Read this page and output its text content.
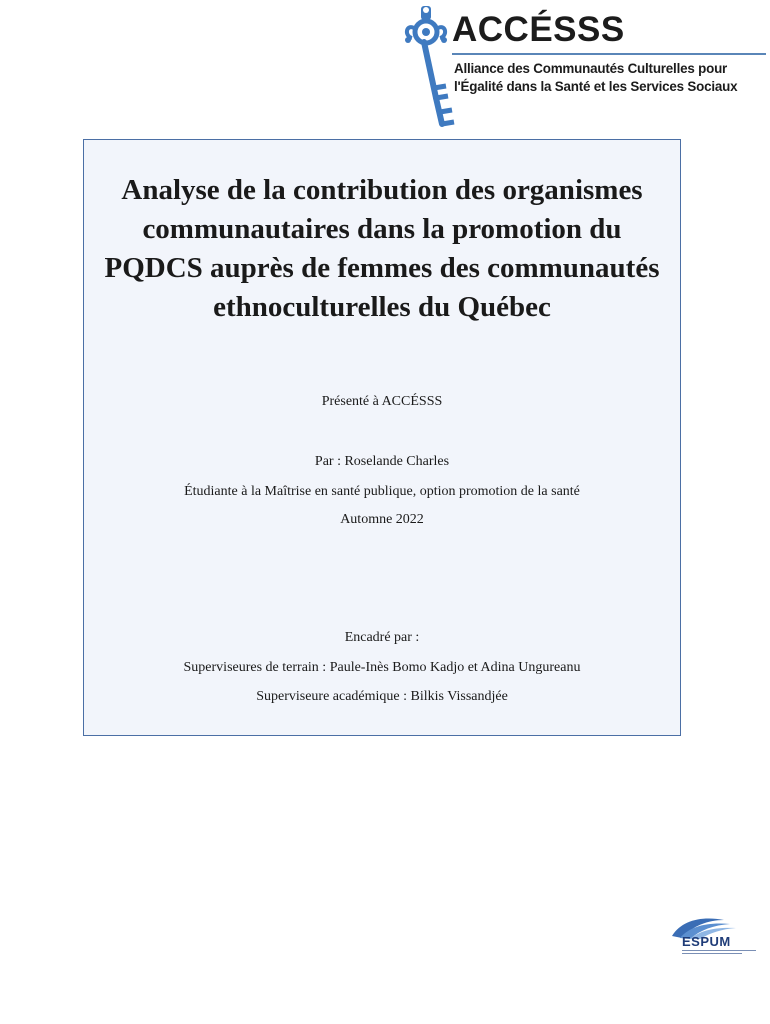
ACCÉSSS
Alliance des Communautés Culturelles pour
l'Égalité dans la Santé et les Services Sociaux
Analyse de la contribution des organismes
communautaires dans la promotion du
PQDCS auprès de femmes des communautés
ethnoculturelles du Québec
Présenté à ACCÉSSS
Par : Roselande Charles
Étudiante à la Maîtrise en santé publique, option promotion de la santé
Automne 2022
Encadré par :
Superviseures de terrain : Paule-Inès Bomo Kadjo et Adina Ungureanu
Superviseure académique : Bilkis Vissandjée
ESPUM
